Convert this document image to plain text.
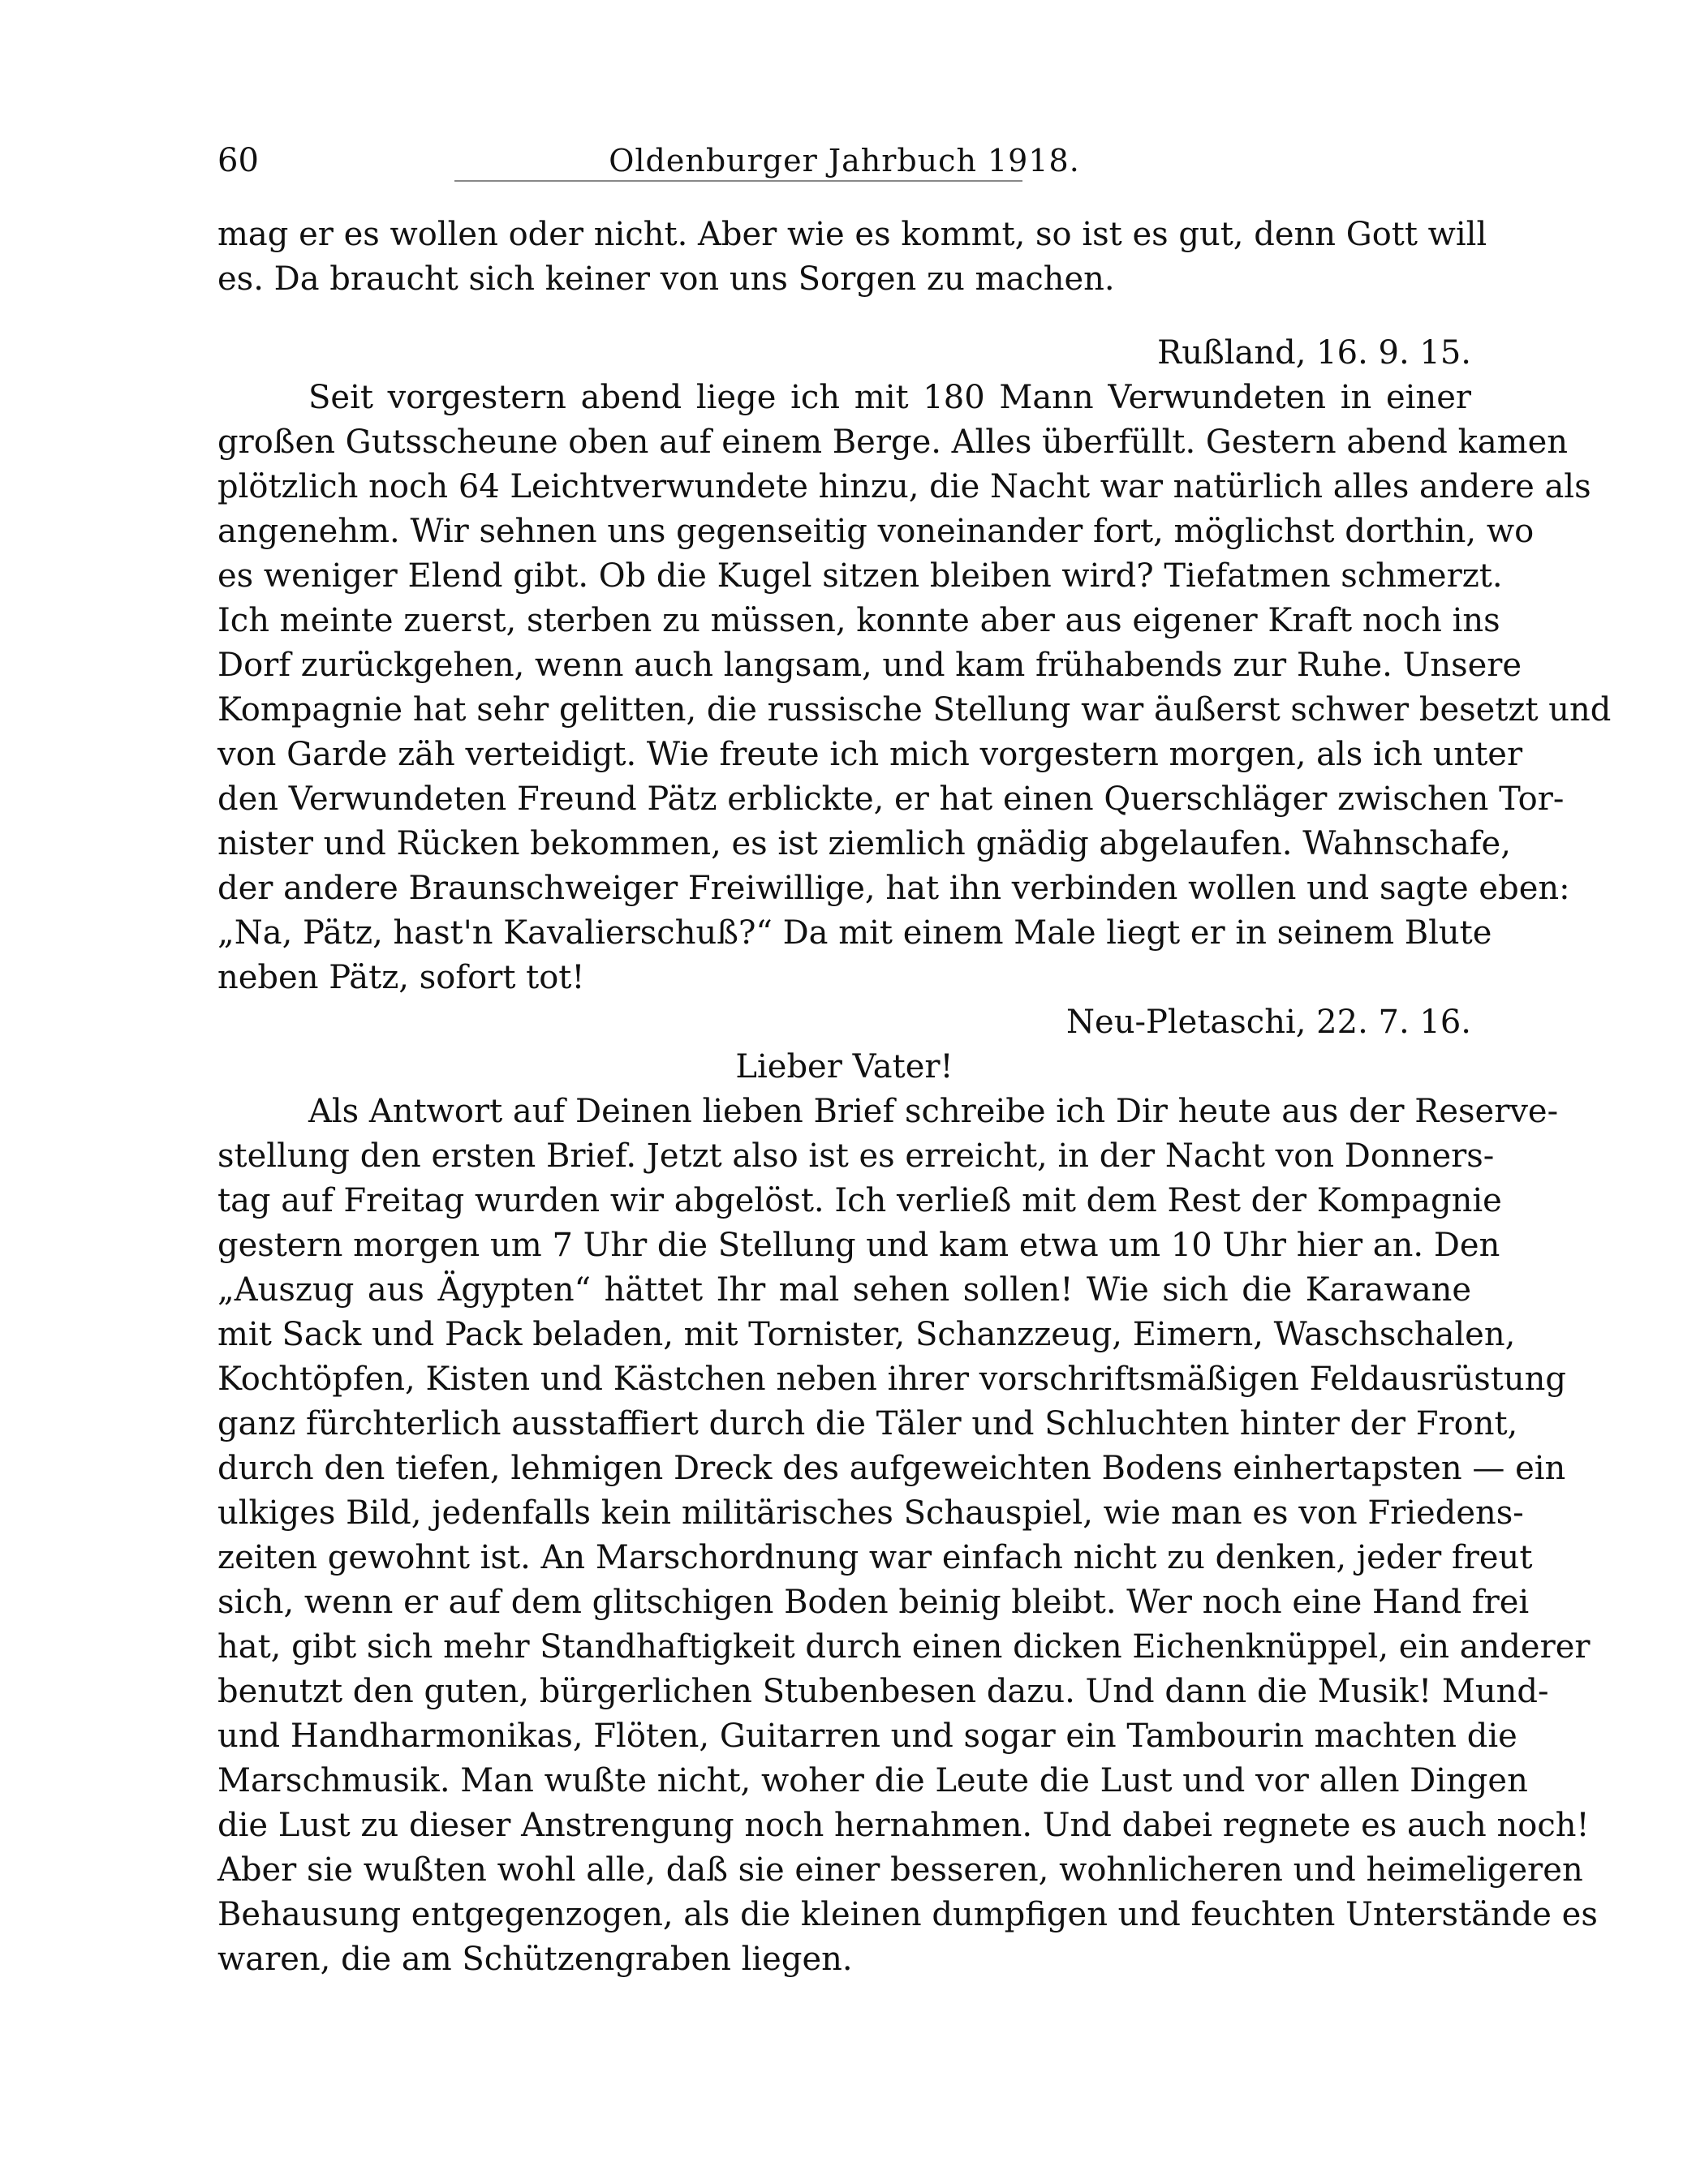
60	Oldenburger Jahrbuch 1918.
mag er es wollen oder nicht. Aber wie es kommt, so ist es gut, denn Gott will
es. Da braucht sich keiner von uns Sorgen zu machen.
Rußland, 16. 9. 15.
Seit vorgestern abend liege ich mit 180 Mann Verwundeten in einer
großen Gutsscheune oben auf einem Berge. Alles überfüllt. Gestern abend kamen
plötzlich noch 64 Leichtverwundete hinzu, die Nacht war natürlich alles andere als
angenehm. Wir sehnen uns gegenseitig voneinander fort, möglichst dorthin, wo
es weniger Elend gibt. Ob die Kugel sitzen bleiben wird? Tiefatmen schmerzt.
Ich meinte zuerst, sterben zu müssen, konnte aber aus eigener Kraft noch ins
Dorf zurückgehen, wenn auch langsam, und kam frühabends zur Ruhe. Unsere
Kompagnie hat sehr gelitten, die russische Stellung war äußerst schwer besetzt und
von Garde zäh verteidigt. Wie freute ich mich vorgestern morgen, als ich unter
den Verwundeten Freund Pätz erblickte, er hat einen Querschläger zwischen Tor-
nister und Rücken bekommen, es ist ziemlich gnädig abgelaufen. Wahnschafe,
der andere Braunschweiger Freiwillige, hat ihn verbinden wollen und sagte eben:
„Na, Pätz, hast'n Kavalierschuß?“ Da mit einem Male liegt er in seinem Blute
neben Pätz, sofort tot!
Neu-Pletaschi, 22. 7. 16.
Lieber Vater!
Als Antwort auf Deinen lieben Brief schreibe ich Dir heute aus der Reserve-
stellung den ersten Brief. Jetzt also ist es erreicht, in der Nacht von Donners-
tag auf Freitag wurden wir abgelöst. Ich verließ mit dem Rest der Kompagnie
gestern morgen um 7 Uhr die Stellung und kam etwa um 10 Uhr hier an. Den
„Auszug aus Ägypten“ hättet Ihr mal sehen sollen! Wie sich die Karawane
mit Sack und Pack beladen, mit Tornister, Schanzzeug, Eimern, Waschschalen,
Kochtöpfen, Kisten und Kästchen neben ihrer vorschriftsmäßigen Feldausrüstung
ganz fürchterlich ausstaffiert durch die Täler und Schluchten hinter der Front,
durch den tiefen, lehmigen Dreck des aufgeweichten Bodens einhertapsten — ein
ulkiges Bild, jedenfalls kein militärisches Schauspiel, wie man es von Friedens-
zeiten gewohnt ist. An Marschordnung war einfach nicht zu denken, jeder freut
sich, wenn er auf dem glitschigen Boden beinig bleibt. Wer noch eine Hand frei
hat, gibt sich mehr Standhaftigkeit durch einen dicken Eichenknüppel, ein anderer
benutzt den guten, bürgerlichen Stubenbesen dazu. Und dann die Musik! Mund-
und Handharmonikas, Flöten, Guitarren und sogar ein Tambourin machten die
Marschmusik. Man wußte nicht, woher die Leute die Lust und vor allen Dingen
die Lust zu dieser Anstrengung noch hernahmen. Und dabei regnete es auch noch!
Aber sie wußten wohl alle, daß sie einer besseren, wohnlicheren und heimeligeren
Behausung entgegenzogen, als die kleinen dumpfigen und feuchten Unterstände es
waren, die am Schützengraben liegen.
